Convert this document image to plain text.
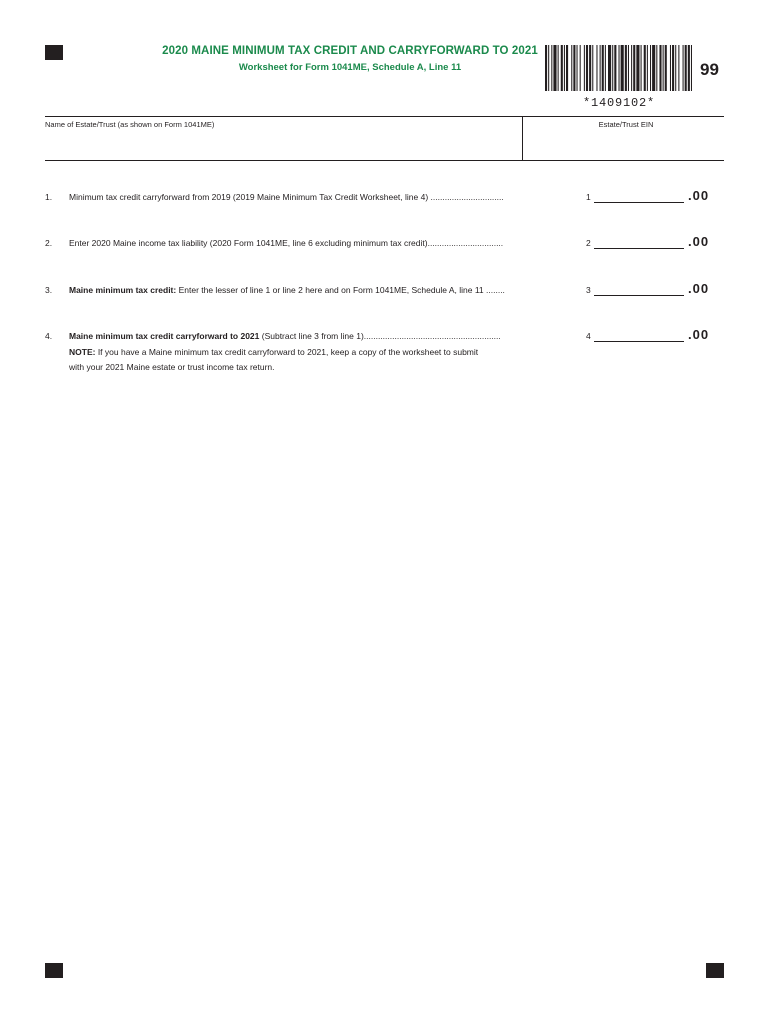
2020 MAINE MINIMUM TAX CREDIT AND CARRYFORWARD TO 2021
Worksheet for Form 1041ME, Schedule A, Line 11
*1409102*
99
Name of Estate/Trust (as shown on Form 1041ME)	Estate/Trust EIN
1. Minimum tax credit carryforward from 2019 (2019 Maine Minimum Tax Credit Worksheet, line 4) ...............................	1	.00
2. Enter 2020 Maine income tax liability (2020 Form 1041ME, line 6 excluding minimum tax credit)................................	2	.00
3. Maine minimum tax credit: Enter the lesser of line 1 or line 2 here and on Form 1041ME, Schedule A, line 11 ........	3	.00
4. Maine minimum tax credit carryforward to 2021 (Subtract line 3 from line 1)..........................................................	4	.00
NOTE: If you have a Maine minimum tax credit carryforward to 2021, keep a copy of the worksheet to submit
with your 2021 Maine estate or trust income tax return.
